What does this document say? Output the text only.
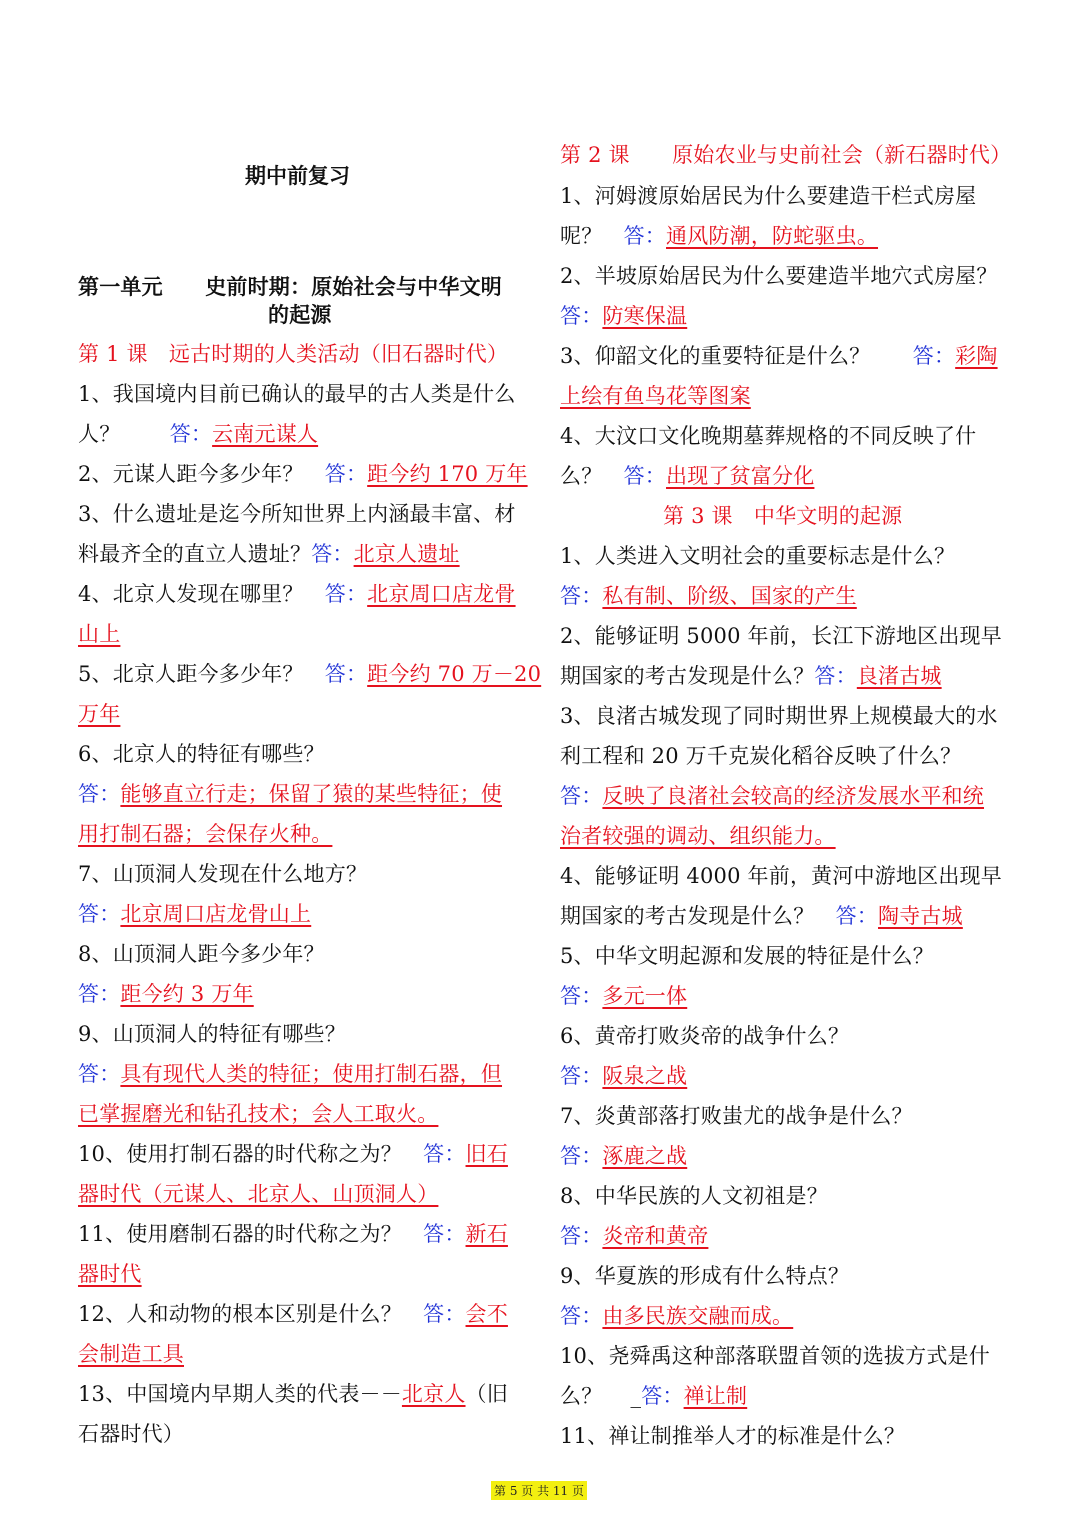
期中前复习
第一单元　　史前时期：原始社会与中华文明
的起源
第 1 课　远古时期的人类活动（旧石器时代）
1、我国境内目前已确认的最早的古人类是什么
人？　　 答：云南元谋人
2、元谋人距今多少年？　答：距今约 170 万年
3、什么遗址是迄今所知世界上内涵最丰富、材
料最齐全的直立人遗址？答：北京人遗址
4、北京人发现在哪里？　答：北京周口店龙骨
山上
5、北京人距今多少年？　答：距今约 70 万－20
万年
6、北京人的特征有哪些？
答：能够直立行走；保留了猿的某些特征；使
用打制石器；会保存火种。
7、山顶洞人发现在什么地方？
答：北京周口店龙骨山上
8、山顶洞人距今多少年？
答：距今约 3 万年
9、山顶洞人的特征有哪些？
答：具有现代人类的特征；使用打制石器，但
已掌握磨光和钻孔技术；会人工取火。
10、使用打制石器的时代称之为？　答：旧石
器时代（元谋人、北京人、山顶洞人）
11、使用磨制石器的时代称之为？　答：新石
器时代
12、人和动物的根本区别是什么？　答：会不
会制造工具
13、中国境内早期人类的代表－－北京人（旧
石器时代）
第 2 课　　原始农业与史前社会（新石器时代）
1、河姆渡原始居民为什么要建造干栏式房屋
呢？　答：通风防潮，防蛇驱虫。
2、半坡原始居民为什么要建造半地穴式房屋？
答：防寒保温
3、仰韶文化的重要特征是什么？　　答：彩陶
上绘有鱼鸟花等图案
4、大汶口文化晚期墓葬规格的不同反映了什
么？　答：出现了贫富分化
第 3 课　中华文明的起源
1、人类进入文明社会的重要标志是什么？
答：私有制、阶级、国家的产生
2、能够证明 5000 年前，长江下游地区出现早
期国家的考古发现是什么？答：良渚古城
3、良渚古城发现了同时期世界上规模最大的水
利工程和 20 万千克炭化稻谷反映了什么？
答：反映了良渚社会较高的经济发展水平和统
治者较强的调动、组织能力。
4、能够证明 4000 年前，黄河中游地区出现早
期国家的考古发现是什么？　答：陶寺古城
5、中华文明起源和发展的特征是什么？
答：多元一体
6、黄帝打败炎帝的战争什么？
答：阪泉之战
7、炎黄部落打败蚩尤的战争是什么？
答：涿鹿之战
8、中华民族的人文初祖是？
答：炎帝和黄帝
9、华夏族的形成有什么特点？
答：由多民族交融而成。
10、尧舜禹这种部落联盟首领的选拔方式是什
么？　 _答：禅让制
11、禅让制推举人才的标准是什么？
第 5 页 共 11 页
